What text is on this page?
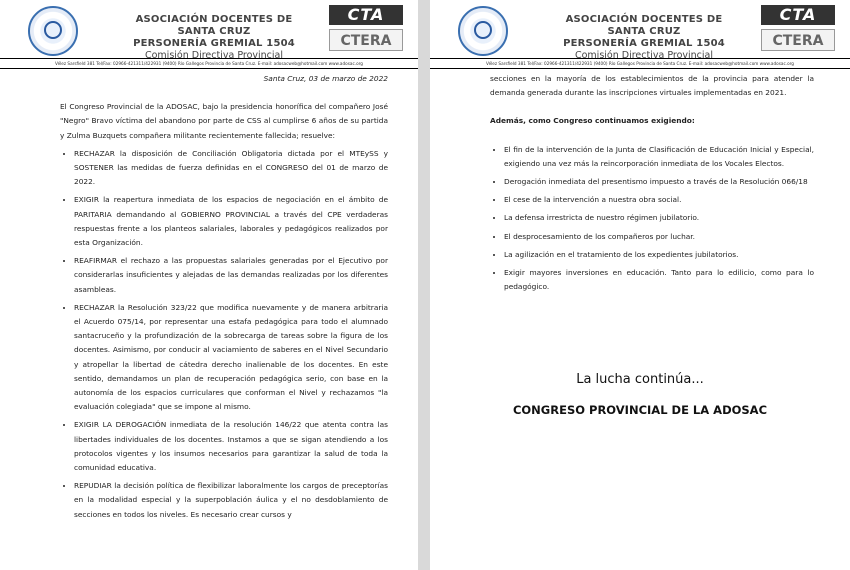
ASOCIACIÓN DOCENTES DE SANTA CRUZ
PERSONERÍA GREMIAL 1504
Comisión Directiva Provincial
CTA
CTERA
Vélez Sarsfield 381 Tel/Fax: 02966-421311/422931 (9400) Río Gallegos Provincia de Santa Cruz. E-mail: adosacweb@hotmail.com www.adosac.org
Santa Cruz, 03 de marzo de 2022

El Congreso Provincial de la ADOSAC, bajo la presidencia honorífica del compañero José "Negro" Bravo víctima del abandono por parte de CSS al cumplirse 6 años de su partida y Zulma Buzquets compañera militante recientemente fallecida; resuelve:

• RECHAZAR la disposición de Conciliación Obligatoria dictada por el MTEySS y SOSTENER las medidas de fuerza definidas en el CONGRESO del 01 de marzo de 2022.
• EXIGIR la reapertura inmediata de los espacios de negociación en el ámbito de PARITARIA demandando al GOBIERNO PROVINCIAL a través del CPE verdaderas respuestas frente a los planteos salariales, laborales y pedagógicos realizados por esta Organización.
• REAFIRMAR el rechazo a las propuestas salariales generadas por el Ejecutivo por considerarlas insuficientes y alejadas de las demandas realizadas por los diferentes asambleas.
• RECHAZAR la Resolución 323/22 que modifica nuevamente y de manera arbitraria el Acuerdo 075/14, por representar una estafa pedagógica para todo el alumnado santacruceño y la profundización de la sobrecarga de tareas sobre la figura de los docentes. Asimismo, por conducir al vaciamiento de saberes en el Nivel Secundario y atropellar la libertad de cátedra derecho inalienable de los docentes. En este sentido, demandamos un plan de recuperación pedagógica serio, con base en la autonomía de los espacios curriculares que conforman el Nivel y rechazamos "la evaluación colegiada" que se impone al mismo.
• EXIGIR LA DEROGACIÓN inmediata de la resolución 146/22 que atenta contra las libertades individuales de los docentes. Instamos a que se sigan atendiendo a los protocolos vigentes y los insumos necesarios para garantizar la salud de toda la comunidad educativa.
• REPUDIAR la decisión política de flexibilizar laboralmente los cargos de preceptorías en la modalidad especial y la superpoblación áulica y el no desdoblamiento de secciones en todos los niveles. Es necesario crear cursos y
ASOCIACIÓN DOCENTES DE SANTA CRUZ
PERSONERÍA GREMIAL 1504
Comisión Directiva Provincial
CTA
CTERA
Vélez Sarsfield 381 Tel/Fax: 02966-421311/422931 (9400) Río Gallegos Provincia de Santa Cruz. E-mail: adosacweb@hotmail.com www.adosac.org

secciones en la mayoría de los establecimientos de la provincia para atender la demanda generada durante las inscripciones virtuales implementadas en 2021.

Además, como Congreso continuamos exigiendo:
• El fin de la intervención de la Junta de Clasificación de Educación Inicial y Especial, exigiendo una vez más la reincorporación inmediata de los Vocales Electos.
• Derogación inmediata del presentismo impuesto a través de la Resolución 066/18
• El cese de la intervención a nuestra obra social.
• La defensa irrestricta de nuestro régimen jubilatorio.
• El desprocesamiento de los compañeros por luchar.
• La agilización en el tratamiento de los expedientes jubilatorios.
• Exigir mayores inversiones en educación. Tanto para lo edilicio, como para lo pedagógico.
La lucha continúa...
CONGRESO PROVINCIAL DE LA ADOSAC
